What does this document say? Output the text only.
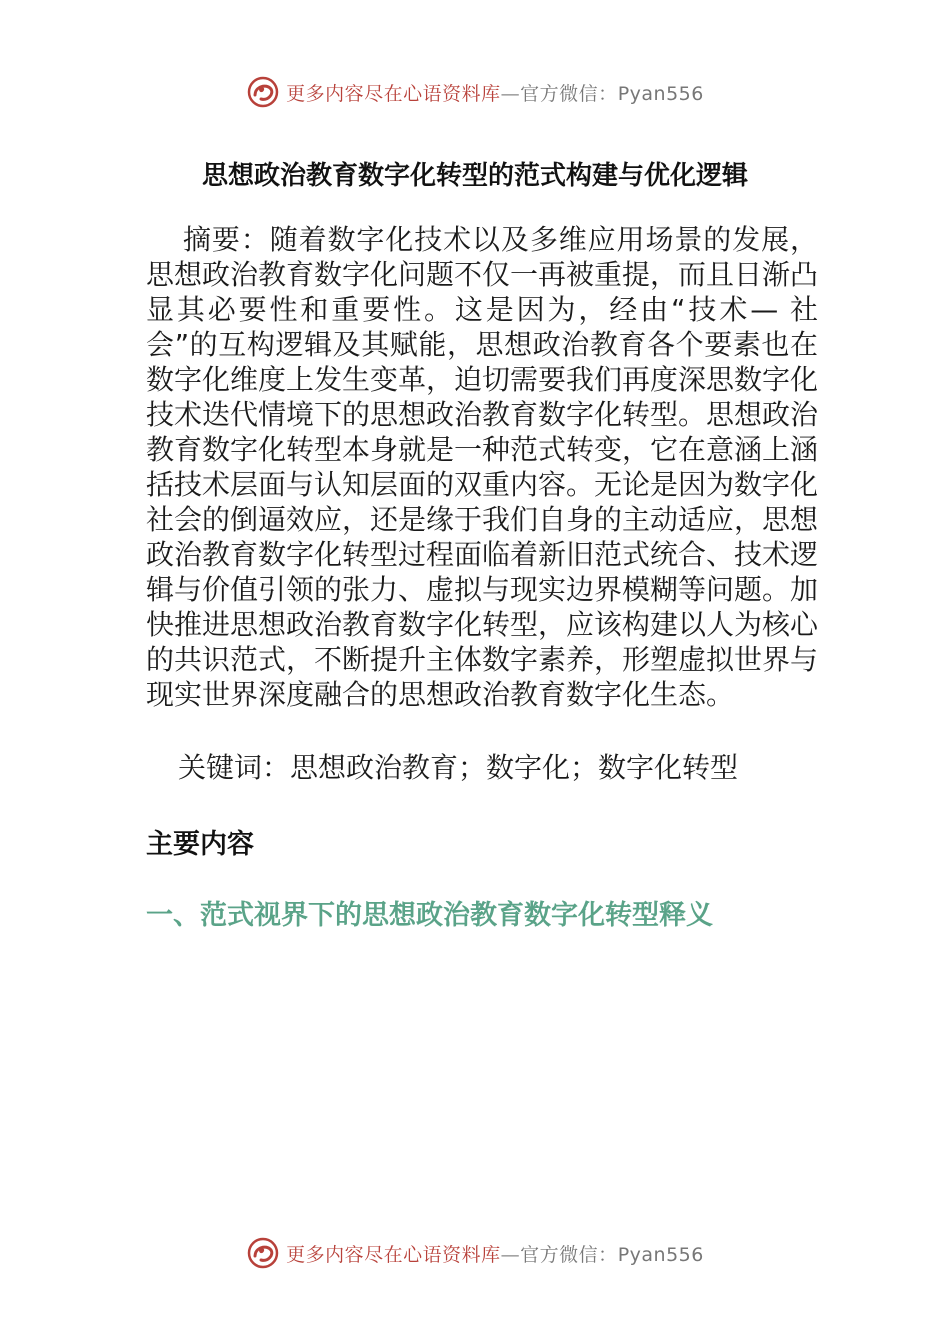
更多内容尽在心语资料库—官方微信：Pyan556
思想政治教育数字化转型的范式构建与优化逻辑

摘要：随着数字化技术以及多维应用场景的发展，思想政治教育数字化问题不仅一再被重提，而且日渐凸显其必要性和重要性。这是因为，经由“技术— 社会”的互构逻辑及其赋能，思想政治教育各个要素也在数字化维度上发生变革，迫切需要我们再度深思数字化技术迭代情境下的思想政治教育数字化转型。思想政治教育数字化转型本身就是一种范式转变，它在意涵上涵括技术层面与认知层面的双重内容。无论是因为数字化社会的倒逼效应，还是缘于我们自身的主动适应，思想政治教育数字化转型过程面临着新旧范式统合、技术逻辑与价值引领的张力、虚拟与现实边界模糊等问题。加快推进思想政治教育数字化转型，应该构建以人为核心的共识范式，不断提升主体数字素养，形塑虚拟世界与现实世界深度融合的思想政治教育数字化生态。

关键词：思想政治教育；数字化；数字化转型

主要内容
一、范式视界下的思想政治教育数字化转型释义
更多内容尽在心语资料库—官方微信：Pyan556
